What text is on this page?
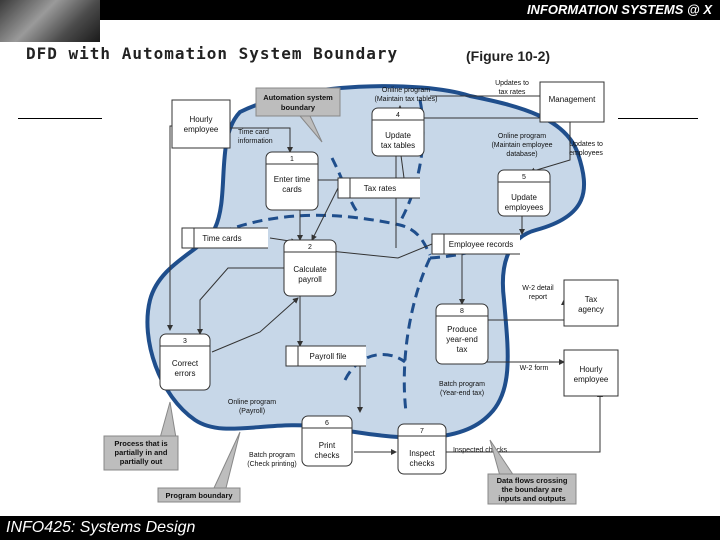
INFORMATION SYSTEMS @ X
DFD with Automation System Boundary	(Figure 10-2)
Hourly
employee
Management
Tax
agency
Hourly
employee
1
Enter time
cards
2
Calculate
payroll
3
Correct
errors
4
Update
tax tables
5
Update
employees
6
Print
checks
7
Inspect
checks
8
Produce
year-end
tax
Tax rates
Time cards
Employee records
Payroll file
Time card
information
Updates to
tax rates
Updates to
employees
W-2 detail
report
W-2 form
Inspected checks
Online program
(Maintain tax tables)
Online program
(Maintain employee
database)
Online program
(Payroll)
Batch program
(Year-end tax)
Batch program
(Check printing)
Automation system
boundary
Process that is
partially in and
partially out
Program boundary
Data flows crossing
the boundary are
inputs and outputs
INFO425: Systems Design
